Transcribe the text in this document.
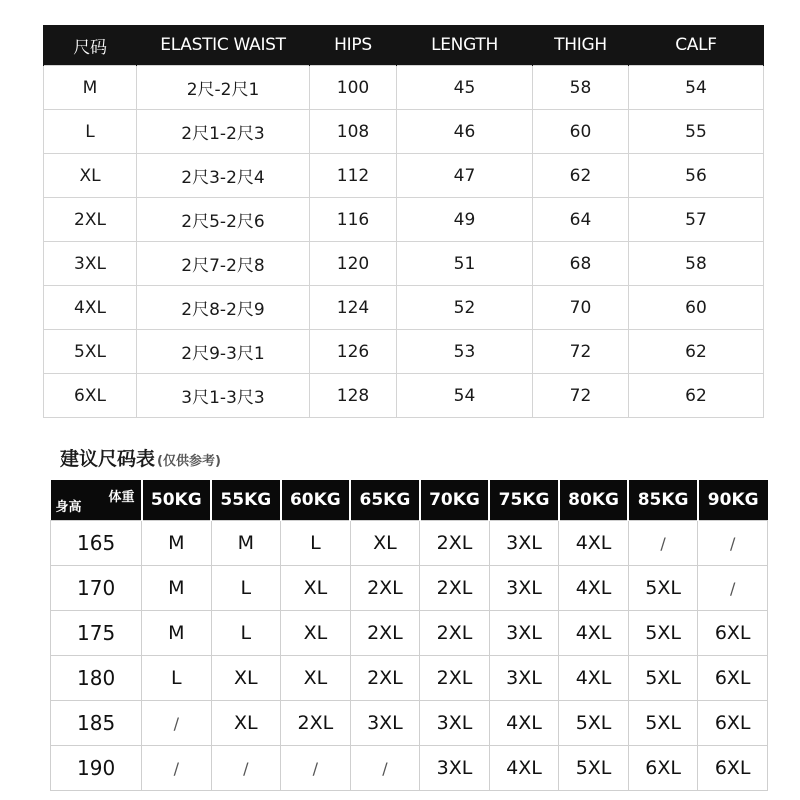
尺码	ELASTIC WAIST	HIPS	LENGTH	THIGH	CALF
M	2尺-2尺1	100	45	58	54
L	2尺1-2尺3	108	46	60	55
XL	2尺3-2尺4	112	47	62	56
2XL	2尺5-2尺6	116	49	64	57
3XL	2尺7-2尺8	120	51	68	58
4XL	2尺8-2尺9	124	52	70	60
5XL	2尺9-3尺1	126	53	72	62
6XL	3尺1-3尺3	128	54	72	62
建议尺码表 (仅供参考)
体重
身高	50KG	55KG	60KG	65KG	70KG	75KG	80KG	85KG	90KG
165	M	M	L	XL	2XL	3XL	4XL	/	/
170	M	L	XL	2XL	2XL	3XL	4XL	5XL	/
175	M	L	XL	2XL	2XL	3XL	4XL	5XL	6XL
180	L	XL	XL	2XL	2XL	3XL	4XL	5XL	6XL
185	/	XL	2XL	3XL	3XL	4XL	5XL	5XL	6XL
190	/	/	/	/	3XL	4XL	5XL	6XL	6XL
